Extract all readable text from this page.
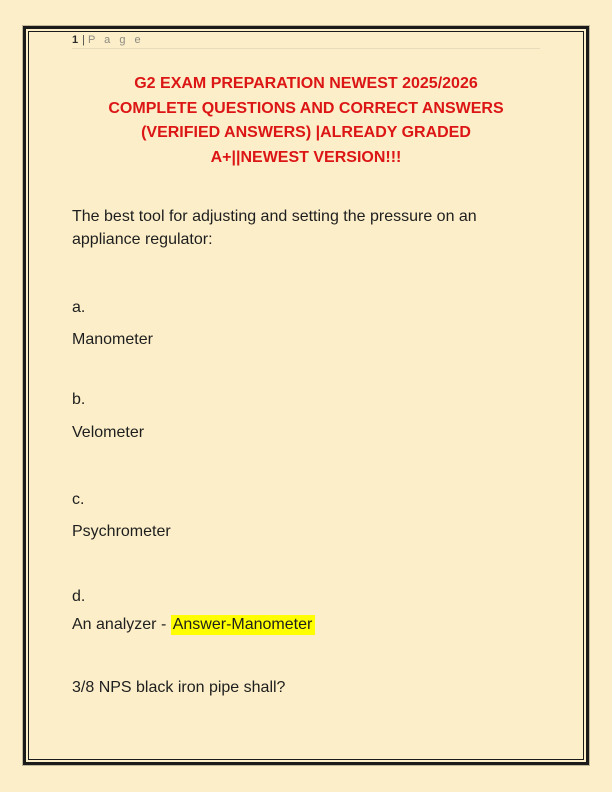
1 | P a g e
G2 EXAM PREPARATION NEWEST 2025/2026
COMPLETE QUESTIONS AND CORRECT ANSWERS
(VERIFIED ANSWERS) |ALREADY GRADED
A+||NEWEST VERSION!!!
The best tool for adjusting and setting the pressure on an
appliance regulator:
a.
Manometer
b.
Velometer
c.
Psychrometer
d.
An analyzer - Answer-Manometer
3/8 NPS black iron pipe shall?
